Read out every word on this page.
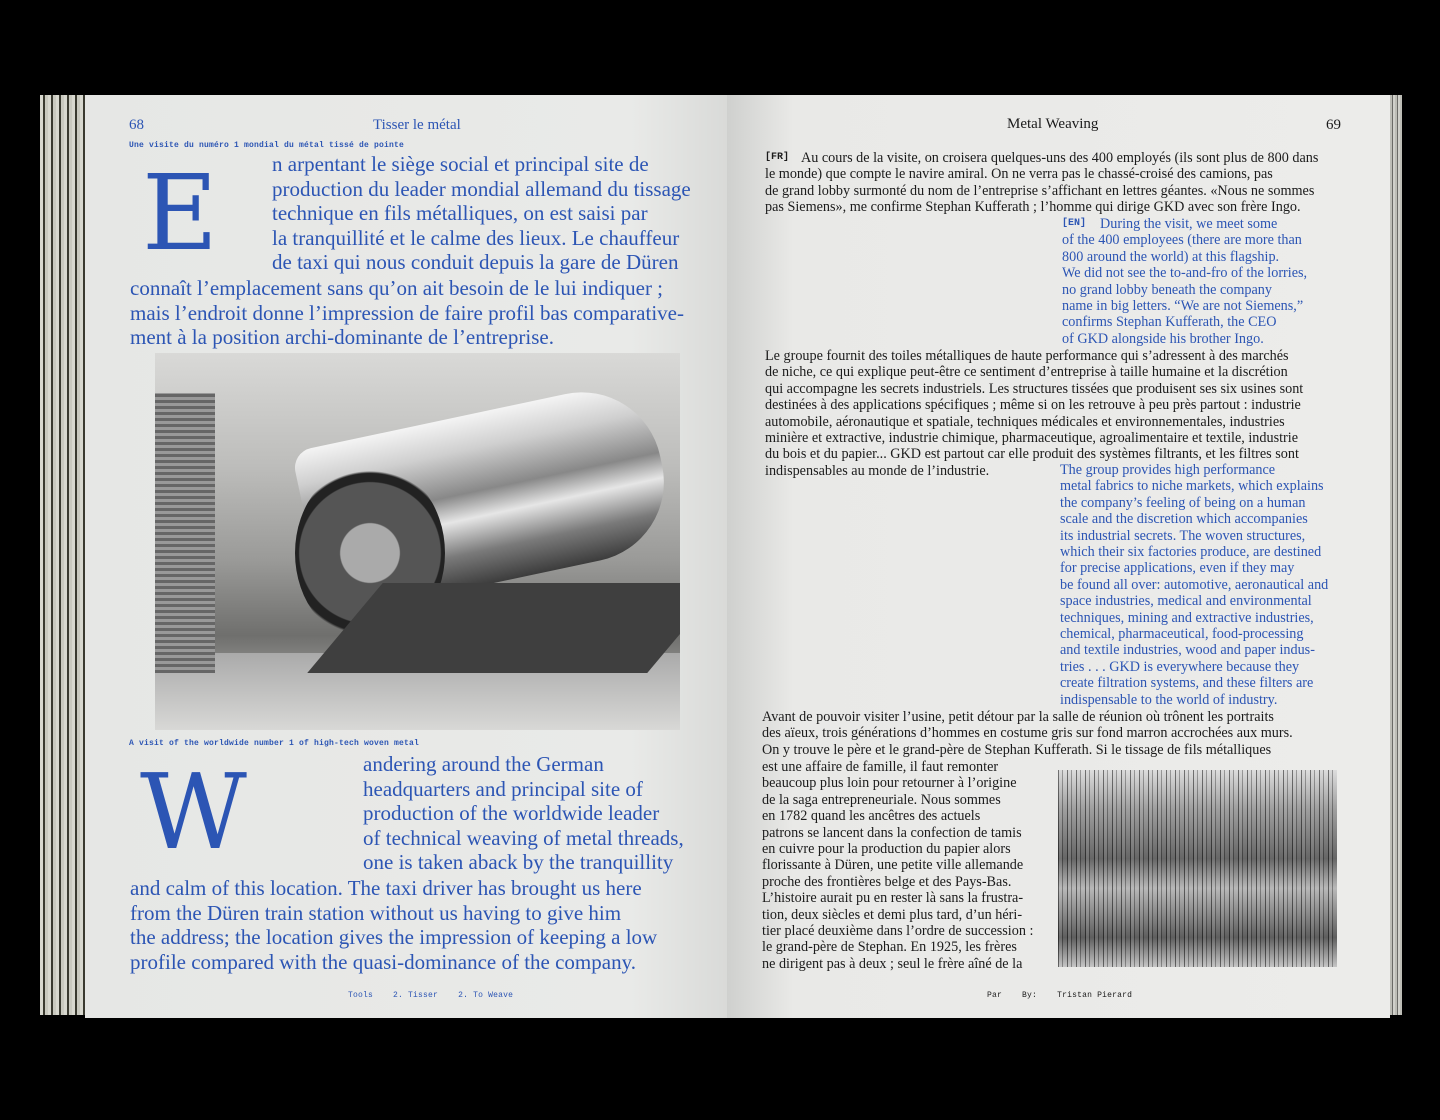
68	Tisser le métal
Une visite du numéro 1 mondial du métal tissé de pointe
E	n arpentant le siège social et principal site de
production du leader mondial allemand du tissage
technique en fils métalliques, on est saisi par
la tranquillité et le calme des lieux. Le chauffeur
de taxi qui nous conduit depuis la gare de Düren
connaît l’emplacement sans qu’on ait besoin de le lui indiquer ;
mais l’endroit donne l’impression de faire profil bas comparative-
ment à la position archi-dominante de l’entreprise.
A visit of the worldwide number 1 of high-tech woven metal
W	andering around the German
headquarters and principal site of
production of the worldwide leader
of technical weaving of metal threads,
one is taken aback by the tranquillity
and calm of this location. The taxi driver has brought us here
from the Düren train station without us having to give him
the address; the location gives the impression of keeping a low
profile compared with the quasi-dominance of the company.
Tools	2. Tisser	2. To Weave
Metal Weaving	69
[FR] Au cours de la visite, on croisera quelques-uns des 400 employés (ils sont plus de 800 dans
le monde) que compte le navire amiral. On ne verra pas le chassé-croisé des camions, pas
de grand lobby surmonté du nom de l’entreprise s’affichant en lettres géantes. «Nous ne sommes
pas Siemens», me confirme Stephan Kufferath ; l’homme qui dirige GKD avec son frère Ingo.
[EN] During the visit, we meet some
of the 400 employees (there are more than
800 around the world) at this flagship.
We did not see the to-and-fro of the lorries,
no grand lobby beneath the company
name in big letters. “We are not Siemens,”
confirms Stephan Kufferath, the CEO
of GKD alongside his brother Ingo.
Le groupe fournit des toiles métalliques de haute performance qui s’adressent à des marchés
de niche, ce qui explique peut-être ce sentiment d’entreprise à taille humaine et la discrétion
qui accompagne les secrets industriels. Les structures tissées que produisent ses six usines sont
destinées à des applications spécifiques ; même si on les retrouve à peu près partout : industrie
automobile, aéronautique et spatiale, techniques médicales et environnementales, industries
minière et extractive, industrie chimique, pharmaceutique, agroalimentaire et textile, industrie
du bois et du papier... GKD est partout car elle produit des systèmes filtrants, et les filtres sont
indispensables au monde de l’industrie.	The group provides high performance
metal fabrics to niche markets, which explains
the company’s feeling of being on a human
scale and the discretion which accompanies
its industrial secrets. The woven structures,
which their six factories produce, are destined
for precise applications, even if they may
be found all over: automotive, aeronautical and
space industries, medical and environmental
techniques, mining and extractive industries,
chemical, pharmaceutical, food-processing
and textile industries, wood and paper indus-
tries . . . GKD is everywhere because they
create filtration systems, and these filters are
indispensable to the world of industry.
Avant de pouvoir visiter l’usine, petit détour par la salle de réunion où trônent les portraits
des aïeux, trois générations d’hommes en costume gris sur fond marron accrochées aux murs.
On y trouve le père et le grand-père de Stephan Kufferath. Si le tissage de fils métalliques
est une affaire de famille, il faut remonter
beaucoup plus loin pour retourner à l’origine
de la saga entrepreneuriale. Nous sommes
en 1782 quand les ancêtres des actuels
patrons se lancent dans la confection de tamis
en cuivre pour la production du papier alors
florissante à Düren, une petite ville allemande
proche des frontières belge et des Pays-Bas.
L’histoire aurait pu en rester là sans la frustra-
tion, deux siècles et demi plus tard, d’un héri-
tier placé deuxième dans l’ordre de succession :
le grand-père de Stephan. En 1925, les frères
ne dirigent pas à deux ; seul le frère aîné de la
Par	By:	Tristan Pierard
